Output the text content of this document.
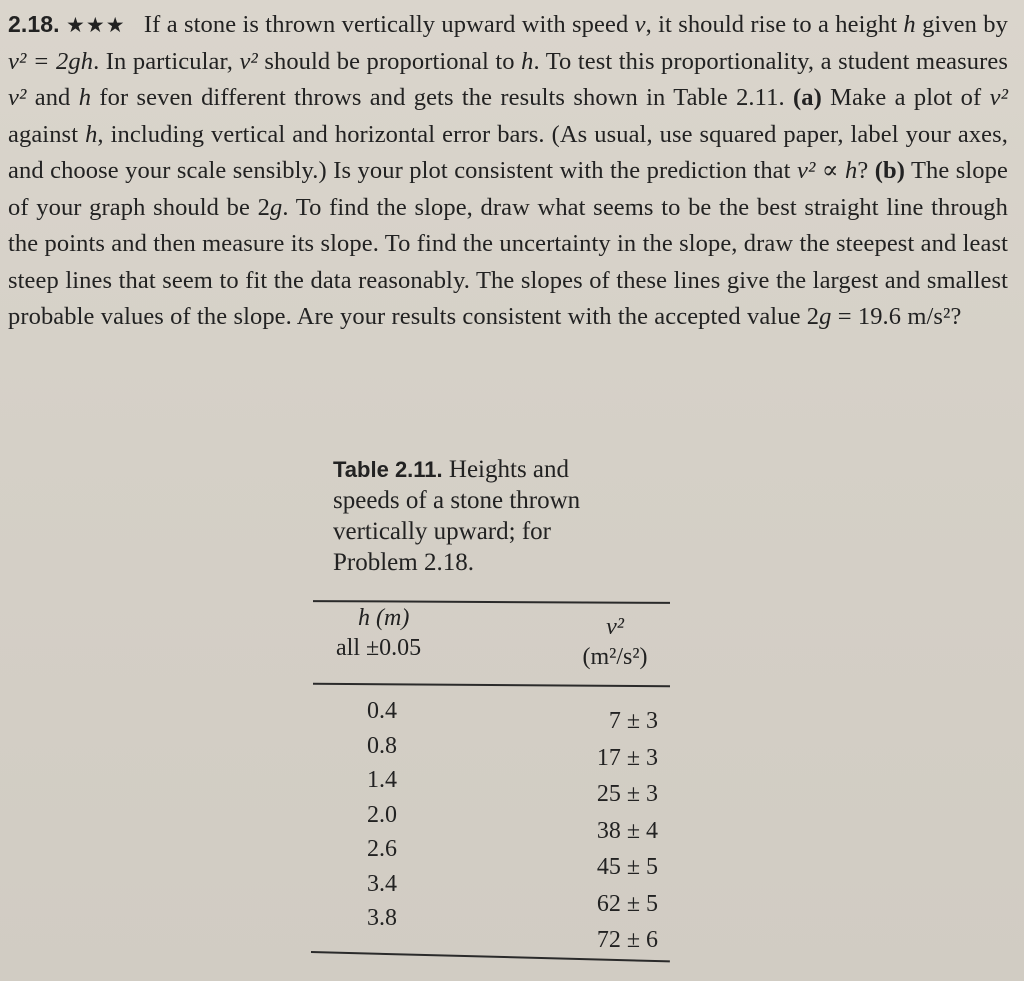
2.18. ★★★ If a stone is thrown vertically upward with speed v, it should rise to a height h given by v² = 2gh. In particular, v² should be proportional to h. To test this proportionality, a student measures v² and h for seven different throws and gets the results shown in Table 2.11. (a) Make a plot of v² against h, including vertical and horizontal error bars. (As usual, use squared paper, label your axes, and choose your scale sensibly.) Is your plot consistent with the prediction that v² ∝ h? (b) The slope of your graph should be 2g. To find the slope, draw what seems to be the best straight line through the points and then measure its slope. To find the uncertainty in the slope, draw the steepest and least steep lines that seem to fit the data reasonably. The slopes of these lines give the largest and smallest probable values of the slope. Are your results consistent with the accepted value 2g = 19.6 m/s²?
Table 2.11. Heights and speeds of a stone thrown vertically upward; for Problem 2.18.
h (m)
all ±0.05
v²
(m²/s²)
0.4
0.8
1.4
2.0
2.6
3.4
3.8
7 ± 3
17 ± 3
25 ± 3
38 ± 4
45 ± 5
62 ± 5
72 ± 6
